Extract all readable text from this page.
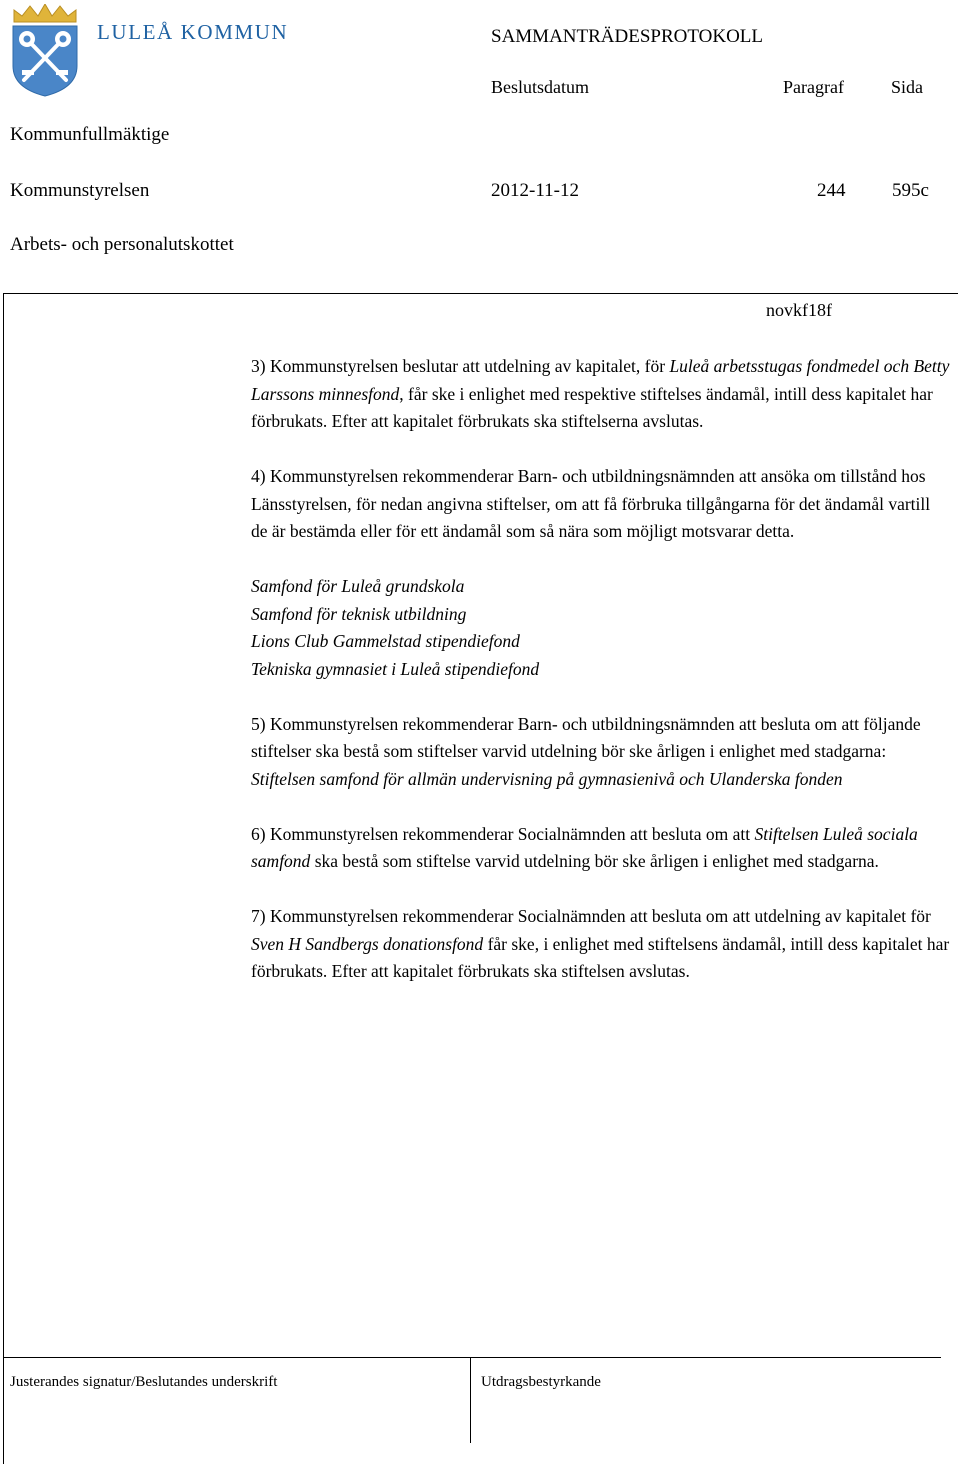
LULEÅ KOMMUN	SAMMANTRÄDESPROTOKOLL
Beslutsdatum	Paragraf	Sida
Kommunfullmäktige
Kommunstyrelsen	2012-11-12	244 595c
Arbets- och personalutskottet
novkf18f

3) Kommunstyrelsen beslutar att utdelning av kapitalet, för Luleå arbetsstugas fondmedel och Betty Larssons minnesfond, får ske i enlighet med respektive stiftelses ändamål, intill dess kapitalet har förbrukats. Efter att kapitalet förbrukats ska stiftelserna avslutas.

4) Kommunstyrelsen rekommenderar Barn- och utbildningsnämnden att ansöka om tillstånd hos Länsstyrelsen, för nedan angivna stiftelser, om att få förbruka tillgångarna för det ändamål vartill de är bestämda eller för ett ändamål som så nära som möjligt motsvarar detta.

Samfond för Luleå grundskola
Samfond för teknisk utbildning
Lions Club Gammelstad stipendiefond
Tekniska gymnasiet i Luleå stipendiefond

5) Kommunstyrelsen rekommenderar Barn- och utbildningsnämnden att besluta om att följande stiftelser ska bestå som stiftelser varvid utdelning bör ske årligen i enlighet med stadgarna: Stiftelsen samfond för allmän undervisning på gymnasienivå och Ulanderska fonden

6) Kommunstyrelsen rekommenderar Socialnämnden att besluta om att Stiftelsen Luleå sociala samfond ska bestå som stiftelse varvid utdelning bör ske årligen i enlighet med stadgarna.

7) Kommunstyrelsen rekommenderar Socialnämnden att besluta om att utdelning av kapitalet för Sven H Sandbergs donationsfond får ske, i enlighet med stiftelsens ändamål, intill dess kapitalet har förbrukats. Efter att kapitalet förbrukats ska stiftelsen avslutas.

Justerandes signatur/Beslutandes underskrift	Utdragsbestyrkande
